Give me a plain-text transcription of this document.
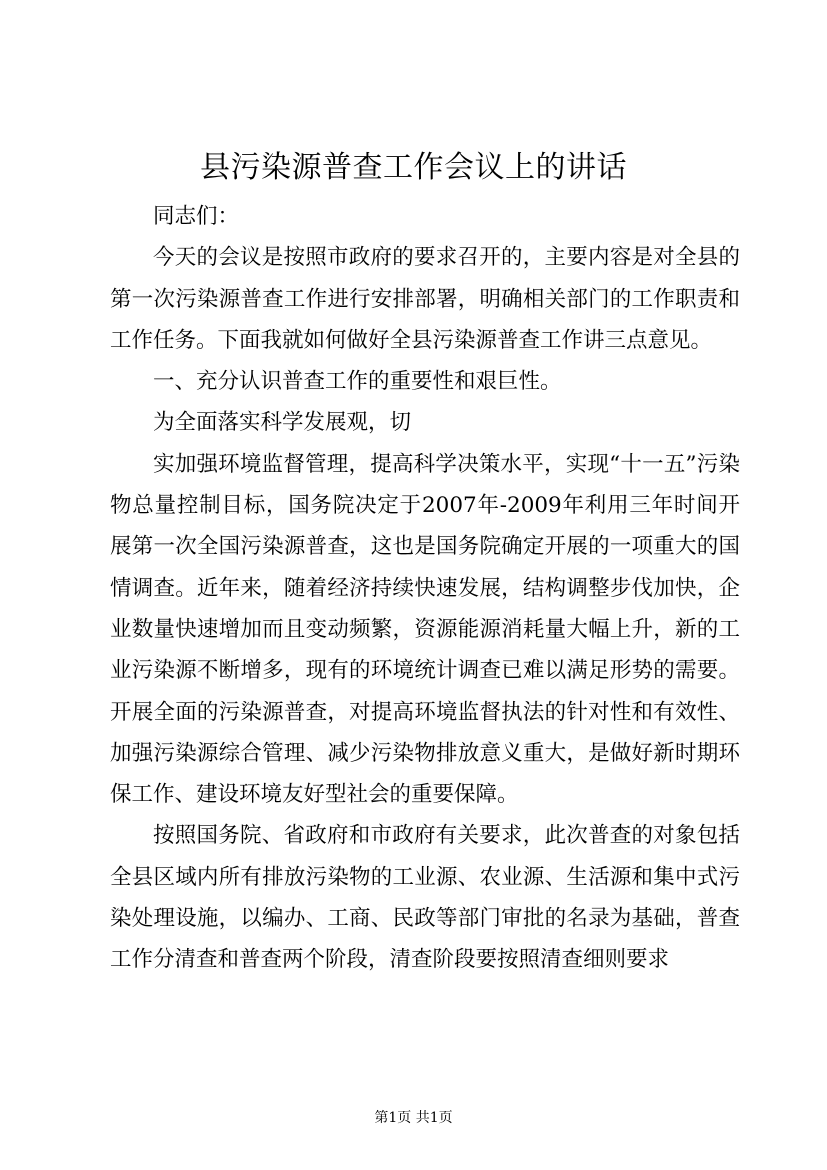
县污染源普查工作会议上的讲话

同志们：

今天的会议是按照市政府的要求召开的，主要内容是对全县的第一次污染源普查工作进行安排部署，明确相关部门的工作职责和工作任务。下面我就如何做好全县污染源普查工作讲三点意见。

一、充分认识普查工作的重要性和艰巨性。

为全面落实科学发展观，切

实加强环境监督管理，提高科学决策水平，实现“十一五”污染物总量控制目标，国务院决定于2007年-2009年利用三年时间开展第一次全国污染源普查，这也是国务院确定开展的一项重大的国情调查。近年来，随着经济持续快速发展，结构调整步伐加快，企业数量快速增加而且变动频繁，资源能源消耗量大幅上升，新的工业污染源不断增多，现有的环境统计调查已难以满足形势的需要。开展全面的污染源普查，对提高环境监督执法的针对性和有效性、加强污染源综合管理、减少污染物排放意义重大，是做好新时期环保工作、建设环境友好型社会的重要保障。

按照国务院、省政府和市政府有关要求，此次普查的对象包括全县区域内所有排放污染物的工业源、农业源、生活源和集中式污染处理设施，以编办、工商、民政等部门审批的名录为基础，普查工作分清查和普查两个阶段，清查阶段要按照清查细则要求

第1页 共1页
